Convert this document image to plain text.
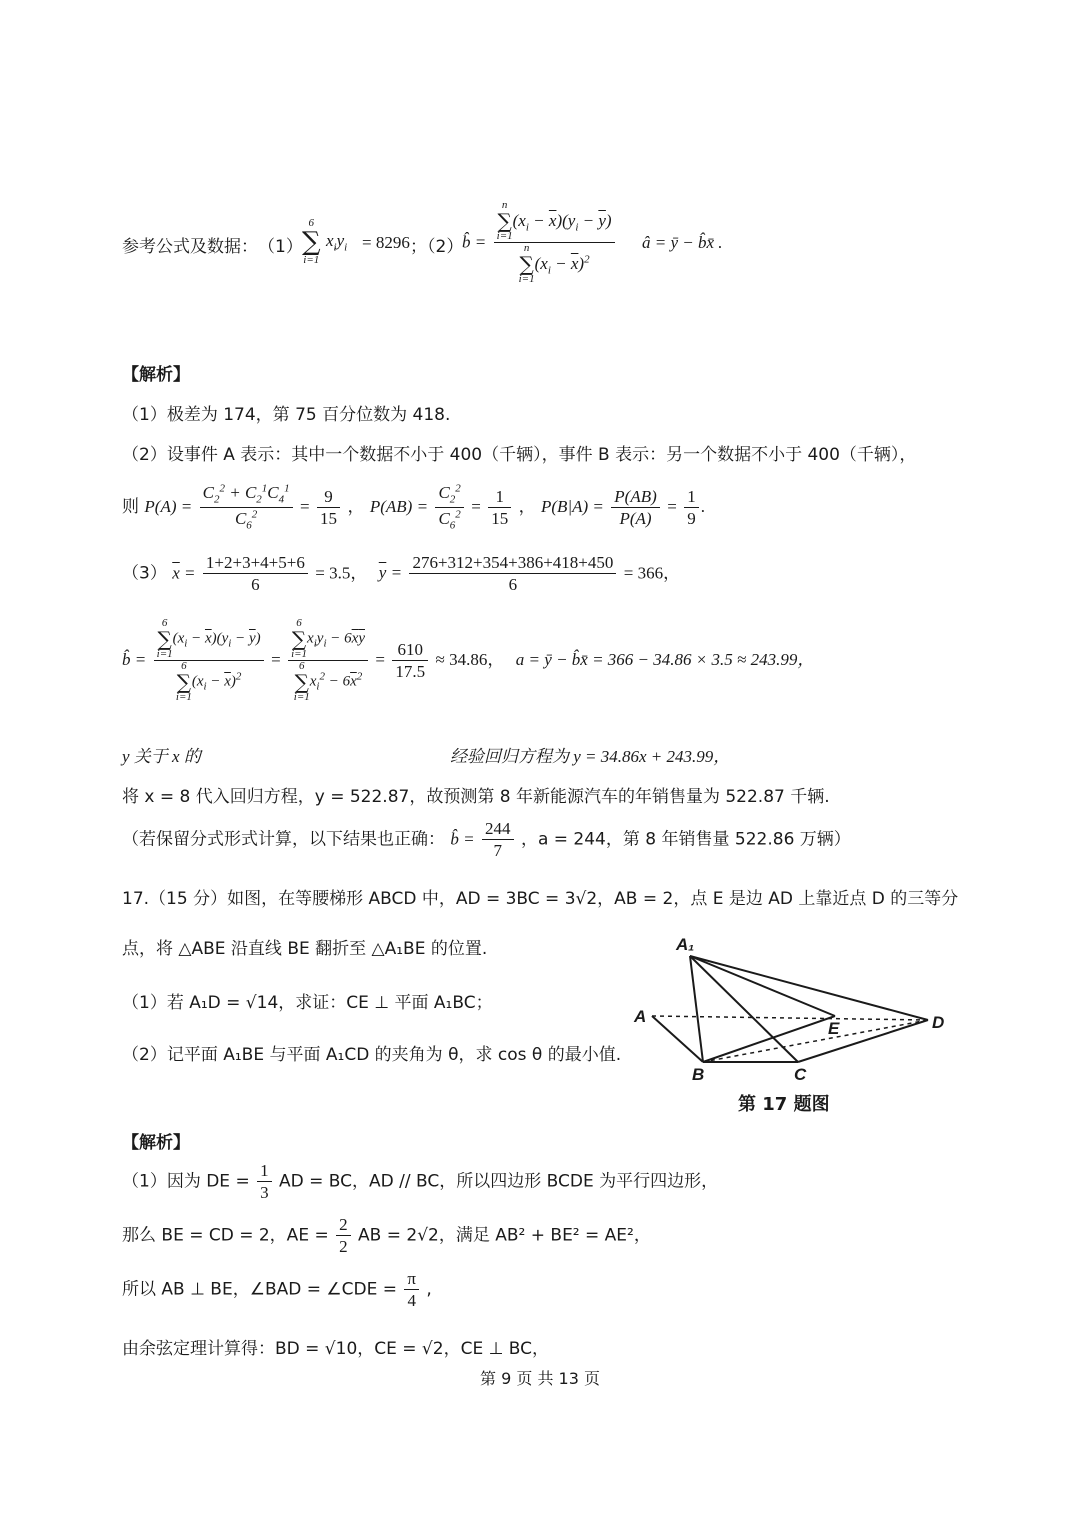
参考公式及数据： （1）
6
∑
i=1
$x_iy_i = 8296$ ；（2）
b̂ = n
∑
i=1
$(x_i - \overline{x})(y_i - \overline{y})$
n
∑
i=1
$(x_i - \overline{x})^2$ â = ȳ − b̂x̄ .
【解析】
（1）极差为 174，第 75 百分位数为 418.
（2）设事件 A 表示：其中一个数据不小于 400（千辆），事件 B 表示：另一个数据不小于 400（千辆），
则 $P(A) = \frac{C_2^2 + C_2^1C_4^1}{C_6^2} = \frac{9}{15}$ ， $P(AB) = \frac{C_2^2}{C_6^2} = \frac{1}{15}$ ， $P(B|A) = \frac{P(AB)}{P(A)} = \frac{1}{9}$ .
（3） $\overline{x} = \frac{1+2+3+4+5+6}{6} = 3.5$， $\overline{y} = \frac{276+312+354+386+418+450}{6} = 366$，
b̂ = 6
∑
i=1
$(x_i - \overline{x})(y_i - \overline{y})$
6
∑
i=1
$(x_i - \overline{x})^2 = 6$
∑
i=1
$x_iy_i - 6\overline{x}\overline{y}$
6
∑
i=1
$x_i^2 - 6\overline{x}^2 = \frac{610}{17.5} \approx 34.86$， a = ȳ − b̂x̄ = 366 − 34.86 × 3.5 ≈ 243.99，
y 关于 x 的	经验回归方程为 y = 34.86x + 243.99，
将 x = 8 代入回归方程，y = 522.87，故预测第 8 年新能源汽车的年销售量为 522.87 千辆.
（若保留分式形式计算，以下结果也正确： b̂ = $\frac{244}{7}$ ，a = 244，第 8 年销售量 522.86 万辆）
17.（15 分）如图，在等腰梯形 ABCD 中，AD = 3BC = 3√2，AB = 2，点 E 是边 AD 上靠近点 D 的三等分
点，将 △ABE 沿直线 BE 翻折至 △A₁BE 的位置.
（1）若 A₁D = √14，求证：CE ⊥ 平面 A₁BC；
（2）记平面 A₁BE 与平面 A₁CD 的夹角为 θ，求 cos θ 的最小值.
A₁
A
B	C
D
E
第 17 题图
【解析】
（1）因为 DE = $\frac{1}{3}$ AD = BC，AD // BC，所以四边形 BCDE 为平行四边形，
那么 BE = CD = 2，AE = $\frac{2}{2}$ AB = 2√2，满足 AB² + BE² = AE²，
所以 AB ⊥ BE，∠BAD = ∠CDE = $\frac{\pi}{4}$ ,
由余弦定理计算得：BD = √10，CE = √2，CE ⊥ BC，
第 9 页 共 13 页
